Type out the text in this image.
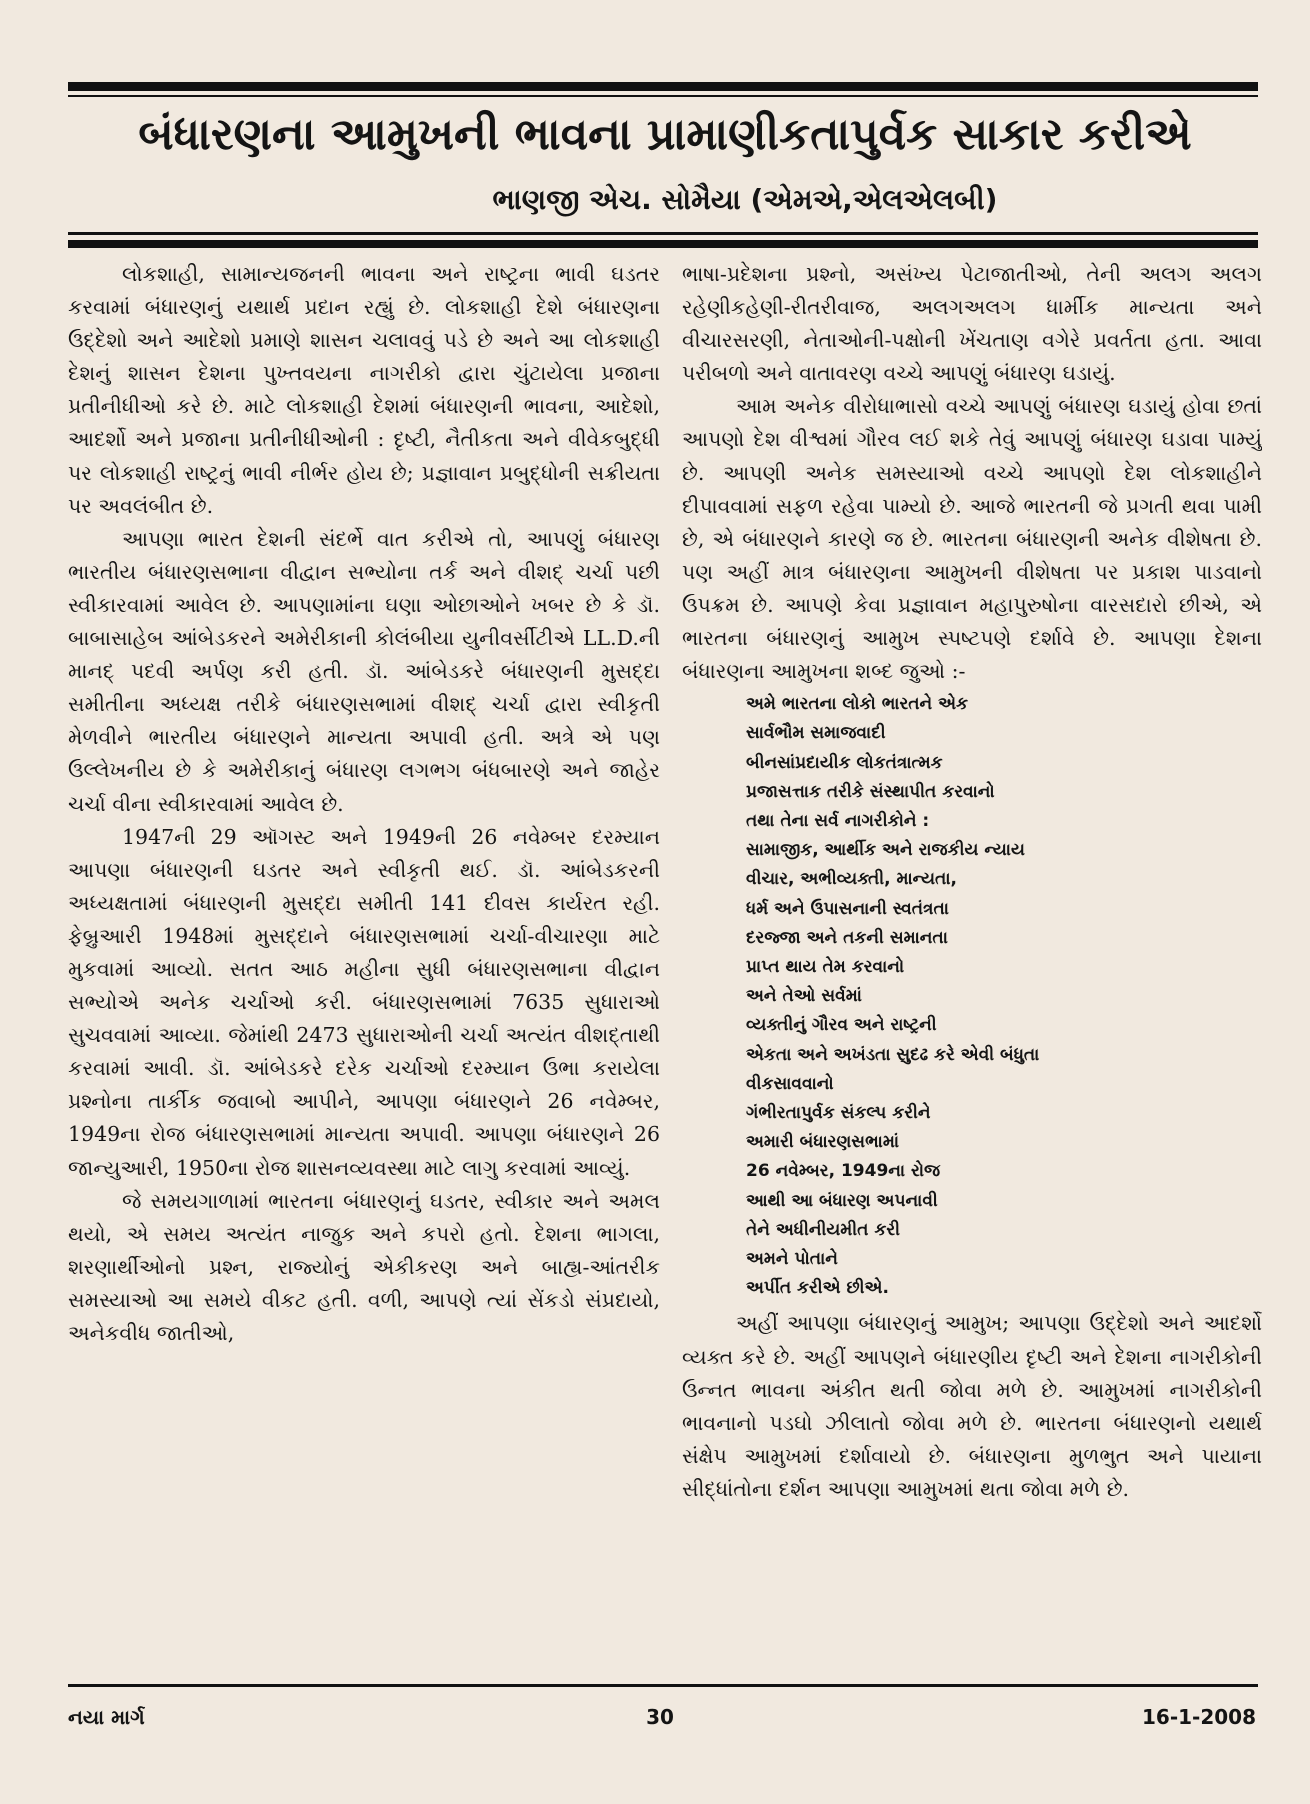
બંધારણના આમુખની ભાવના પ્રામાણીકતાપુર્વક સાકાર કરીએ
ભાણજી એચ. સોમૈયા (એમએ,એલએલબી)

લોકશાહી, સામાન્યજનની ભાવના અને રાષ્ટ્રના ભાવી ઘડતર કરવામાં બંધારણનું યથાર્થ પ્રદાન રહ્યું છે. લોકશાહી દેશે બંધારણના ઉદ્દેશો અને આદેશો પ્રમાણે શાસન ચલાવવું પડે છે અને આ લોકશાહી દેશનું શાસન દેશના પુખ્તવયના નાગરીકો દ્વારા ચુંટાયેલા પ્રજાના પ્રતીનીધીઓ કરે છે. માટે લોકશાહી દેશમાં બંધારણની ભાવના, આદેશો, આદર્શો અને પ્રજાના પ્રતીનીધીઓની : દૃષ્ટી, નૈતીકતા અને વીવેકબુદ્ધી પર લોકશાહી રાષ્ટ્રનું ભાવી નીર્ભર હોય છે; પ્રજ્ઞાવાન પ્રબુદ્ધોની સક્રીયતા પર અવલંબીત છે.

આપણા ભારત દેશની સંદર્ભે વાત કરીએ તો, આપણું બંધારણ ભારતીય બંધારણસભાના વીદ્વાન સભ્યોના તર્ક અને વીશદ્ ચર્ચા પછી સ્વીકારવામાં આવેલ છે. આપણામાંના ઘણા ઓછાઓને ખબર છે કે ડૉ. બાબાસાહેબ આંબેડકરને અમેરીકાની કોલંબીયા યુનીવર્સીટીએ LL.D.ની માનદ્ પદવી અર્પણ કરી હતી. ડૉ. આંબેડકરે બંધારણની મુસદ્દા સમીતીના અધ્યક્ષ તરીકે બંધારણસભામાં વીશદ્ ચર્ચા દ્વારા સ્વીકૃતી મેળવીને ભારતીય બંધારણને માન્યતા અપાવી હતી. અત્રે એ પણ ઉલ્લેખનીય છે કે અમેરીકાનું બંધારણ લગભગ બંધબારણે અને જાહેર ચર્ચા વીના સ્વીકારવામાં આવેલ છે.

1947ની 29 ઑગસ્ટ અને 1949ની 26 નવેમ્બર દરમ્યાન આપણા બંધારણની ઘડતર અને સ્વીકૃતી થઈ. ડૉ. આંબેડકરની અધ્યક્ષતામાં બંધારણની મુસદ્દા સમીતી 141 દીવસ કાર્યરત રહી. ફેબ્રુઆરી 1948માં મુસદ્દાને બંધારણસભામાં ચર્ચા-વીચારણા માટે મુકવામાં આવ્યો. સતત આઠ મહીના સુધી બંધારણસભાના વીદ્વાન સભ્યોએ અનેક ચર્ચાઓ કરી. બંધારણસભામાં 7635 સુધારાઓ સુચવવામાં આવ્યા. જેમાંથી 2473 સુધારાઓની ચર્ચા અત્યંત વીશદ્તાથી કરવામાં આવી. ડૉ. આંબેડકરે દરેક ચર્ચાઓ દરમ્યાન ઉભા કરાયેલા પ્રશ્નોના તાર્કીક જવાબો આપીને, આપણા બંધારણને 26 નવેમ્બર, 1949ના રોજ બંધારણસભામાં માન્યતા અપાવી. આપણા બંધારણને 26 જાન્યુઆરી, 1950ના રોજ શાસનવ્યવસ્થા માટે લાગુ કરવામાં આવ્યું.

જે સમયગાળામાં ભારતના બંધારણનું ઘડતર, સ્વીકાર અને અમલ થયો, એ સમય અત્યંત નાજુક અને કપરો હતો. દેશના ભાગલા, શરણાર્થીઓનો પ્રશ્ન, રાજ્યોનું એકીકરણ અને બાહ્ય-આંતરીક સમસ્યાઓ આ સમયે વીકટ હતી. વળી, આપણે ત્યાં સેંકડો સંપ્રદાયો, અનેકવીધ જાતીઓ,

ભાષા-પ્રદેશના પ્રશ્નો, અસંખ્ય પેટાજાતીઓ, તેની અલગ અલગ રહેણીકહેણી-રીતરીવાજ, અલગઅલગ ધાર્મીક માન્યતા અને વીચારસરણી, નેતાઓની-પક્ષોની ખેંચતાણ વગેરે પ્રવર્તતા હતા. આવા પરીબળો અને વાતાવરણ વચ્ચે આપણું બંધારણ ઘડાયું.

આમ અનેક વીરોધાભાસો વચ્ચે આપણું બંધારણ ઘડાયું હોવા છતાં આપણો દેશ વીશ્વમાં ગૌરવ લઈ શકે તેવું આપણું બંધારણ ઘડાવા પામ્યું છે. આપણી અનેક સમસ્યાઓ વચ્ચે આપણો દેશ લોકશાહીને દીપાવવામાં સફળ રહેવા પામ્યો છે. આજે ભારતની જે પ્રગતી થવા પામી છે, એ બંધારણને કારણે જ છે. ભારતના બંધારણની અનેક વીશેષતા છે. પણ અહીં માત્ર બંધારણના આમુખની વીશેષતા પર પ્રકાશ પાડવાનો ઉપક્રમ છે. આપણે કેવા પ્રજ્ઞાવાન મહાપુરુષોના વારસદારો છીએ, એ ભારતના બંધારણનું આમુખ સ્પષ્ટપણે દર્શાવે છે. આપણા દેશના બંધારણના આમુખના શબ્દ જુઓ :-

અમે ભારતના લોકો ભારતને એક
સાર્વભૌમ સમાજવાદી
બીનસાંપ્રદાયીક લોકતંત્રાત્મક
પ્રજાસત્તાક તરીકે સંસ્થાપીત કરવાનો
તથા તેના સર્વ નાગરીકોને :
સામાજીક, આર્થીક અને રાજકીય ન્યાય
વીચાર, અભીવ્યક્તી, માન્યતા,
ધર્મ અને ઉપાસનાની સ્વતંત્રતા
દરજ્જા અને તકની સમાનતા
પ્રાપ્ત થાય તેમ કરવાનો
અને તેઓ સર્વમાં
વ્યક્તીનું ગૌરવ અને રાષ્ટ્રની
એકતા અને અખંડતા સુદઢ કરે એવી બંધુતા
વીકસાવવાનો
ગંભીરતાપુર્વક સંકલ્પ કરીને
અમારી બંધારણસભામાં
26 નવેમ્બર, 1949ના રોજ
આથી આ બંધારણ અપનાવી
તેને અધીનીયમીત કરી
અમને પોતાને
અર્પીત કરીએ છીએ.

અહીં આપણા બંધારણનું આમુખ; આપણા ઉદ્દેશો અને આદર્શો વ્યક્ત કરે છે. અહીં આપણને બંધારણીય દૃષ્ટી અને દેશના નાગરીકોની ઉન્નત ભાવના અંકીત થતી જોવા મળે છે. આમુખમાં નાગરીકોની ભાવનાનો પડઘો ઝીલાતો જોવા મળે છે. ભારતના બંધારણનો યથાર્થ સંક્ષેપ આમુખમાં દર્શાવાયો છે. બંધારણના મુળભુત અને પાયાના સીદ્ધાંતોના દર્શન આપણા આમુખમાં થતા જોવા મળે છે.

નયા માર્ગ	30	16-1-2008
